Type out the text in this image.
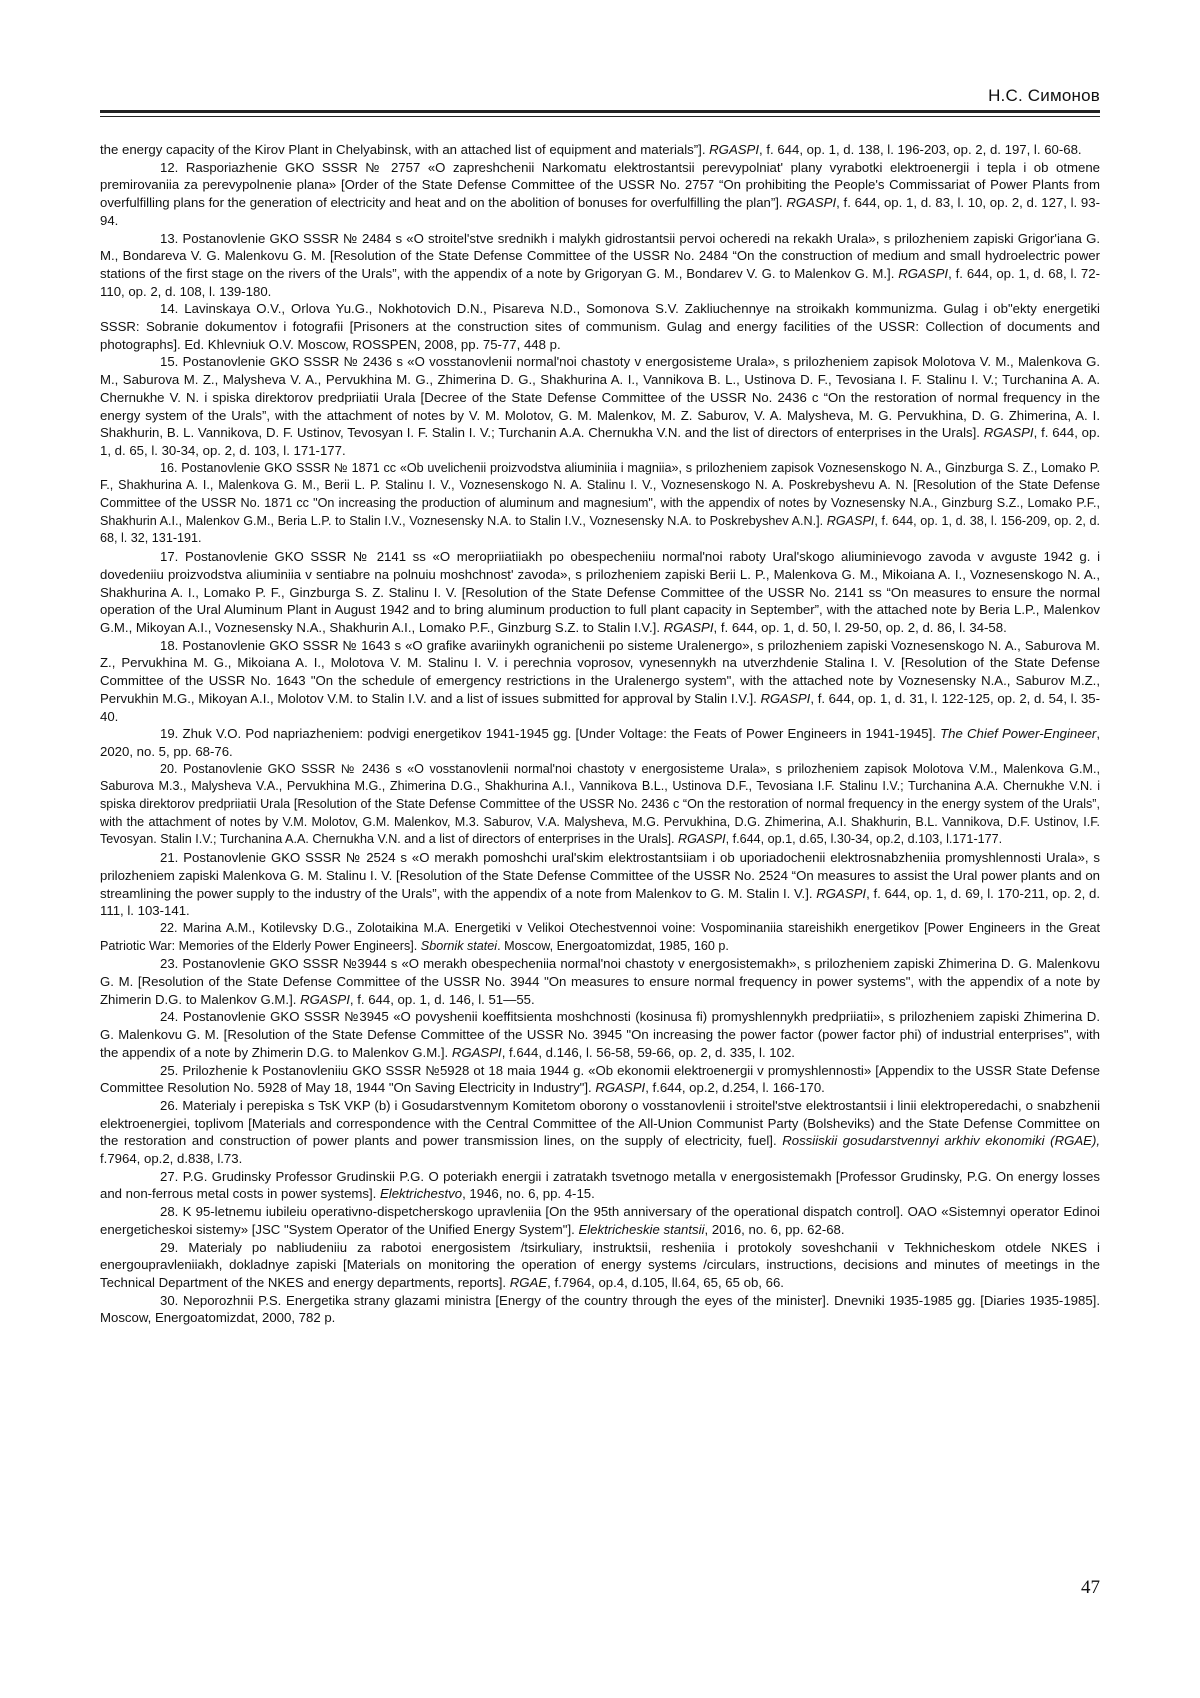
Н.С. Симонов

the energy capacity of the Kirov Plant in Chelyabinsk, with an attached list of equipment and materials”]. RGASPI, f. 644, op. 1, d. 138, l. 196-203, op. 2, d. 197, l. 60-68.

12. Rasporiazhenie GKO SSSR № 2757 «O zapreshchenii Narkomatu elektrostantsii perevypolniat' plany vyrabotki elektroenergii i tepla i ob otmene premirovaniia za perevypolnenie plana» [Order of the State Defense Committee of the USSR No. 2757 “On prohibiting the People's Commissariat of Power Plants from overfulfilling plans for the generation of electricity and heat and on the abolition of bonuses for overfulfilling the plan”]. RGASPI, f. 644, op. 1, d. 83, l. 10, op. 2, d. 127, l. 93-94.

13. Postanovlenie GKO SSSR № 2484 s «O stroitel'stve srednikh i malykh gidrostantsii pervoi ocheredi na rekakh Urala», s prilozheniem zapiski Grigor'iana G. M., Bondareva V. G. Malenkovu G. M. [Resolution of the State Defense Committee of the USSR No. 2484 “On the construction of medium and small hydroelectric power stations of the first stage on the rivers of the Urals”, with the appendix of a note by Grigoryan G. M., Bondarev V. G. to Malenkov G. M.]. RGASPI, f. 644, op. 1, d. 68, l. 72-110, op. 2, d. 108, l. 139-180.

14. Lavinskaya O.V., Orlova Yu.G., Nokhotovich D.N., Pisareva N.D., Somonova S.V. Zakliuchennye na stroikakh kommunizma. Gulag i ob"ekty energetiki SSSR: Sobranie dokumentov i fotografii [Prisoners at the construction sites of communism. Gulag and energy facilities of the USSR: Collection of documents and photographs]. Ed. Khlevniuk O.V. Moscow, ROSSPEN, 2008, pp. 75-77, 448 p.

15. Postanovlenie GKO SSSR № 2436 s «O vosstanovlenii normal'noi chastoty v energosisteme Urala», s prilozheniem zapisok Molotova V. M., Malenkova G. M., Saburova M. Z., Malysheva V. A., Pervukhina M. G., Zhimerina D. G., Shakhurina A. I., Vannikova B. L., Ustinova D. F., Tevosiana I. F. Stalinu I. V.; Turchanina A. A. Chernukhe V. N. i spiska direktorov predpriiatii Urala [Decree of the State Defense Committee of the USSR No. 2436 c “On the restoration of normal frequency in the energy system of the Urals”, with the attachment of notes by V. M. Molotov, G. M. Malenkov, M. Z. Saburov, V. A. Malysheva, M. G. Pervukhina, D. G. Zhimerina, A. I. Shakhurin, B. L. Vannikova, D. F. Ustinov, Tevosyan I. F. Stalin I. V.; Turchanin A.A. Chernukha V.N. and the list of directors of enterprises in the Urals]. RGASPI, f. 644, op. 1, d. 65, l. 30-34, op. 2, d. 103, l. 171-177.

16. Postanovlenie GKO SSSR № 1871 cc «Ob uvelichenii proizvodstva aliuminiia i magniia», s prilozheniem zapisok Voznesenskogo N. A., Ginzburga S. Z., Lomako P. F., Shakhurina A. I., Malenkova G. M., Berii L. P. Stalinu I. V., Voznesenskogo N. A. Stalinu I. V., Voznesenskogo N. A. Poskrebyshevu A. N. [Resolution of the State Defense Committee of the USSR No. 1871 cc "On increasing the production of aluminum and magnesium", with the appendix of notes by Voznesensky N.A., Ginzburg S.Z., Lomako P.F., Shakhurin A.I., Malenkov G.M., Beria L.P. to Stalin I.V., Voznesensky N.A. to Stalin I.V., Voznesensky N.A. to Poskrebyshev A.N.]. RGASPI, f. 644, op. 1, d. 38, l. 156-209, op. 2, d. 68, l. 32, 131-191.

17. Postanovlenie GKO SSSR № 2141 ss «O meropriiatiiakh po obespecheniiu normal'noi raboty Ural'skogo aliuminievogo zavoda v avguste 1942 g. i dovedeniiu proizvodstva aliuminiia v sentiabre na polnuiu moshchnost' zavoda», s prilozheniem zapiski Berii L. P., Malenkova G. M., Mikoiana A. I., Voznesenskogo N. A., Shakhurina A. I., Lomako P. F., Ginzburga S. Z. Stalinu I. V. [Resolution of the State Defense Committee of the USSR No. 2141 ss “On measures to ensure the normal operation of the Ural Aluminum Plant in August 1942 and to bring aluminum production to full plant capacity in September”, with the attached note by Beria L.P., Malenkov G.M., Mikoyan A.I., Voznesensky N.A., Shakhurin A.I., Lomako P.F., Ginzburg S.Z. to Stalin I.V.]. RGASPI, f. 644, op. 1, d. 50, l. 29-50, op. 2, d. 86, l. 34-58.

18. Postanovlenie GKO SSSR № 1643 s «O grafike avariinykh ogranichenii po sisteme Uralenergo», s prilozheniem zapiski Voznesenskogo N. A., Saburova M. Z., Pervukhina M. G., Mikoiana A. I., Molotova V. M. Stalinu I. V. i perechnia voprosov, vynesennykh na utverzhdenie Stalina I. V. [Resolution of the State Defense Committee of the USSR No. 1643 "On the schedule of emergency restrictions in the Uralenergo system", with the attached note by Voznesensky N.A., Saburov M.Z., Pervukhin M.G., Mikoyan A.I., Molotov V.M. to Stalin I.V. and a list of issues submitted for approval by Stalin I.V.]. RGASPI, f. 644, op. 1, d. 31, l. 122-125, op. 2, d. 54, l. 35-40.

19. Zhuk V.O. Pod napriazheniem: podvigi energetikov 1941-1945 gg. [Under Voltage: the Feats of Power Engineers in 1941-1945]. The Chief Power-Engineer, 2020, no. 5, pp. 68-76.

20. Postanovlenie GKO SSSR № 2436 s «O vosstanovlenii normal'noi chastoty v energosisteme Urala», s prilozheniem zapisok Molotova V.M., Malenkova G.M., Saburova M.3., Malysheva V.A., Pervukhina M.G., Zhimerina D.G., Shakhurina A.I., Vannikova B.L., Ustinova D.F., Tevosiana I.F. Stalinu I.V.; Turchanina A.A. Chernukhe V.N. i spiska direktorov predpriiatii Urala [Resolution of the State Defense Committee of the USSR No. 2436 c “On the restoration of normal frequency in the energy system of the Urals”, with the attachment of notes by V.M. Molotov, G.M. Malenkov, M.3. Saburov, V.A. Malysheva, M.G. Pervukhina, D.G. Zhimerina, A.I. Shakhurin, B.L. Vannikova, D.F. Ustinov, I.F. Tevosyan. Stalin I.V.; Turchanina A.A. Chernukha V.N. and a list of directors of enterprises in the Urals]. RGASPI, f.644, op.1, d.65, l.30-34, op.2, d.103, l.171-177.

21. Postanovlenie GKO SSSR № 2524 s «O merakh pomoshchi ural'skim elektrostantsiiam i ob uporiadochenii elektrosnabzheniia promyshlennosti Urala», s prilozheniem zapiski Malenkova G. M. Stalinu I. V. [Resolution of the State Defense Committee of the USSR No. 2524 “On measures to assist the Ural power plants and on streamlining the power supply to the industry of the Urals”, with the appendix of a note from Malenkov to G. M. Stalin I. V.]. RGASPI, f. 644, op. 1, d. 69, l. 170-211, op. 2, d. 111, l. 103-141.

22. Marina A.M., Kotilevsky D.G., Zolotaikina M.A. Energetiki v Velikoi Otechestvennoi voine: Vospominaniia stareishikh energetikov [Power Engineers in the Great Patriotic War: Memories of the Elderly Power Engineers]. Sbornik statei. Moscow, Energoatomizdat, 1985, 160 p.

23. Postanovlenie GKO SSSR №3944 s «O merakh obespecheniia normal'noi chastoty v energosistemakh», s prilozheniem zapiski Zhimerina D. G. Malenkovu G. M. [Resolution of the State Defense Committee of the USSR No. 3944 "On measures to ensure normal frequency in power systems", with the appendix of a note by Zhimerin D.G. to Malenkov G.M.]. RGASPI, f. 644, op. 1, d. 146, l. 51—55.

24. Postanovlenie GKO SSSR №3945 «O povyshenii koeffitsienta moshchnosti (kosinusa fi) promyshlennykh predpriiatii», s prilozheniem zapiski Zhimerina D. G. Malenkovu G. M. [Resolution of the State Defense Committee of the USSR No. 3945 "On increasing the power factor (power factor phi) of industrial enterprises", with the appendix of a note by Zhimerin D.G. to Malenkov G.M.]. RGASPI, f.644, d.146, l. 56-58, 59-66, op. 2, d. 335, l. 102.

25. Prilozhenie k Postanovleniiu GKO SSSR №5928 ot 18 maia 1944 g. «Ob ekonomii elektroenergii v promyshlennosti» [Appendix to the USSR State Defense Committee Resolution No. 5928 of May 18, 1944 "On Saving Electricity in Industry"]. RGASPI, f.644, op.2, d.254, l. 166-170.

26. Materialy i perepiska s TsK VKP (b) i Gosudarstvennym Komitetom oborony o vosstanovlenii i stroitel'stve elektrostantsii i linii elektroperedachi, o snabzhenii elektroenergiei, toplivom [Materials and correspondence with the Central Committee of the All-Union Communist Party (Bolsheviks) and the State Defense Committee on the restoration and construction of power plants and power transmission lines, on the supply of electricity, fuel]. Rossiiskii gosudarstvennyi arkhiv ekonomiki (RGAE), f.7964, op.2, d.838, l.73.

27. P.G. Grudinsky Professor Grudinskii P.G. O poteriakh energii i zatratakh tsvetnogo metalla v energosistemakh [Professor Grudinsky, P.G. On energy losses and non-ferrous metal costs in power systems]. Elektrichestvo, 1946, no. 6, pp. 4-15.

28. K 95-letnemu iubileiu operativno-dispetcherskogo upravleniia [On the 95th anniversary of the operational dispatch control]. OAO «Sistemnyi operator Edinoi energeticheskoi sistemy» [JSC "System Operator of the Unified Energy System"]. Elektricheskie stantsii, 2016, no. 6, pp. 62-68.

29. Materialy po nabliudeniiu za rabotoi energosistem /tsirkuliary, instruktsii, resheniia i protokoly soveshchanii v Tekhnicheskom otdele NKES i energoupravleniiakh, dokladnye zapiski [Materials on monitoring the operation of energy systems /circulars, instructions, decisions and minutes of meetings in the Technical Department of the NKES and energy departments, reports]. RGAE, f.7964, op.4, d.105, ll.64, 65, 65 ob, 66.

30. Neporozhnii P.S. Energetika strany glazami ministra [Energy of the country through the eyes of the minister]. Dnevniki 1935-1985 gg. [Diaries 1935-1985]. Moscow, Energoatomizdat, 2000, 782 p.

47
